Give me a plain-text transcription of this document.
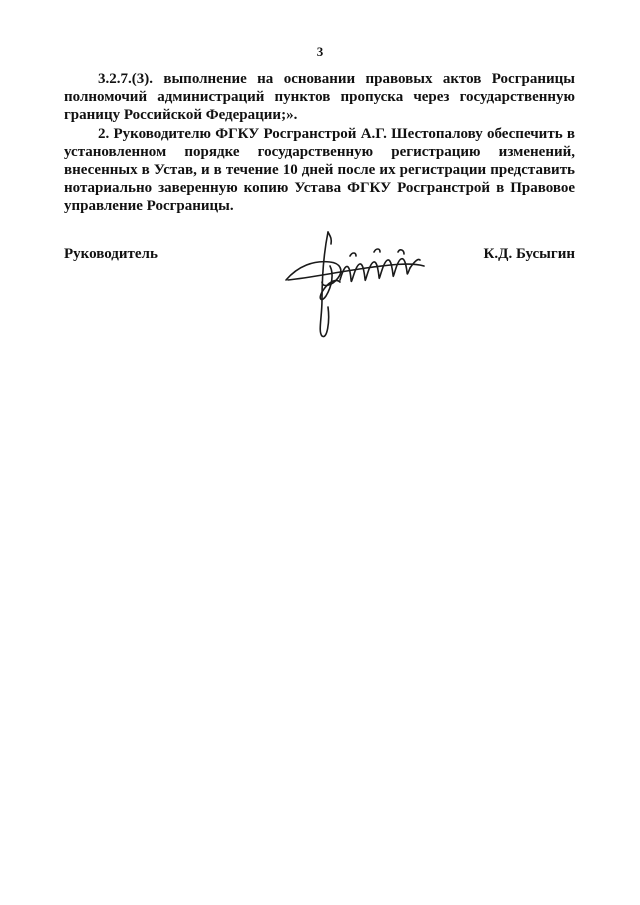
3

3.2.7.(3). выполнение на основании правовых актов Росграницы полномочий администраций пунктов пропуска через государственную границу Российской Федерации;».

2. Руководителю ФГКУ Росгранстрой А.Г. Шестопалову обеспечить в установленном порядке государственную регистрацию изменений, внесенных в Устав, и в течение 10 дней после их регистрации представить нотариально заверенную копию Устава ФГКУ Росгранстрой в Правовое управление Росграницы.

Руководитель	К.Д. Бусыгин
